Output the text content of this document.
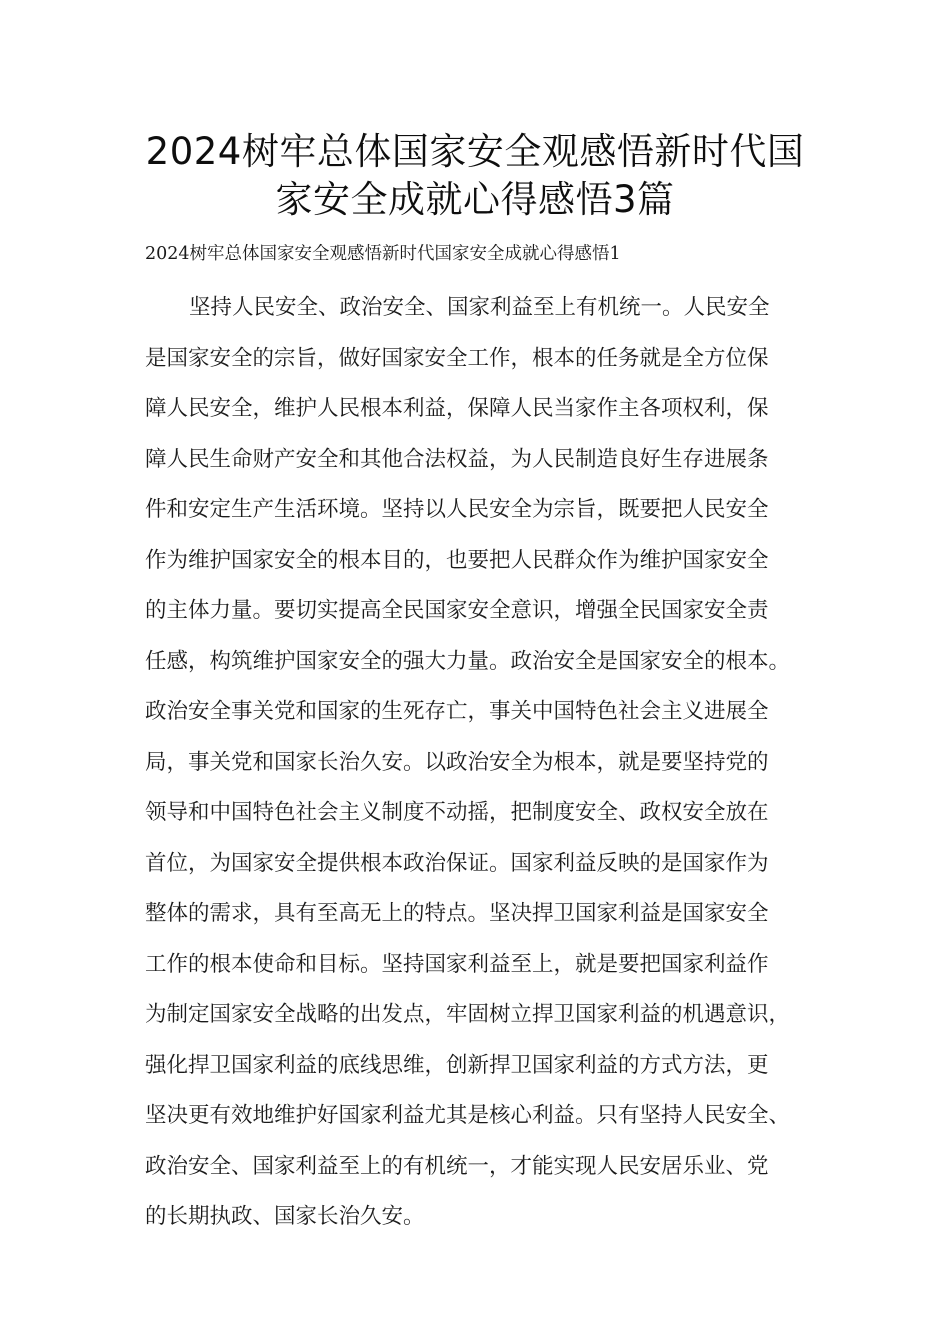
2024树牢总体国家安全观感悟新时代国
家安全成就心得感悟3篇

2024树牢总体国家安全观感悟新时代国家安全成就心得感悟1

坚持人民安全、政治安全、国家利益至上有机统一。人民安全
是国家安全的宗旨，做好国家安全工作，根本的任务就是全方位保
障人民安全，维护人民根本利益，保障人民当家作主各项权利，保
障人民生命财产安全和其他合法权益，为人民制造良好生存进展条
件和安定生产生活环境。坚持以人民安全为宗旨，既要把人民安全
作为维护国家安全的根本目的，也要把人民群众作为维护国家安全
的主体力量。要切实提高全民国家安全意识，增强全民国家安全责
任感，构筑维护国家安全的强大力量。政治安全是国家安全的根本。
政治安全事关党和国家的生死存亡，事关中国特色社会主义进展全
局，事关党和国家长治久安。以政治安全为根本，就是要坚持党的
领导和中国特色社会主义制度不动摇，把制度安全、政权安全放在
首位，为国家安全提供根本政治保证。国家利益反映的是国家作为
整体的需求，具有至高无上的特点。坚决捍卫国家利益是国家安全
工作的根本使命和目标。坚持国家利益至上，就是要把国家利益作
为制定国家安全战略的出发点，牢固树立捍卫国家利益的机遇意识，
强化捍卫国家利益的底线思维，创新捍卫国家利益的方式方法，更
坚决更有效地维护好国家利益尤其是核心利益。只有坚持人民安全、
政治安全、国家利益至上的有机统一，才能实现人民安居乐业、党
的长期执政、国家长治久安。
